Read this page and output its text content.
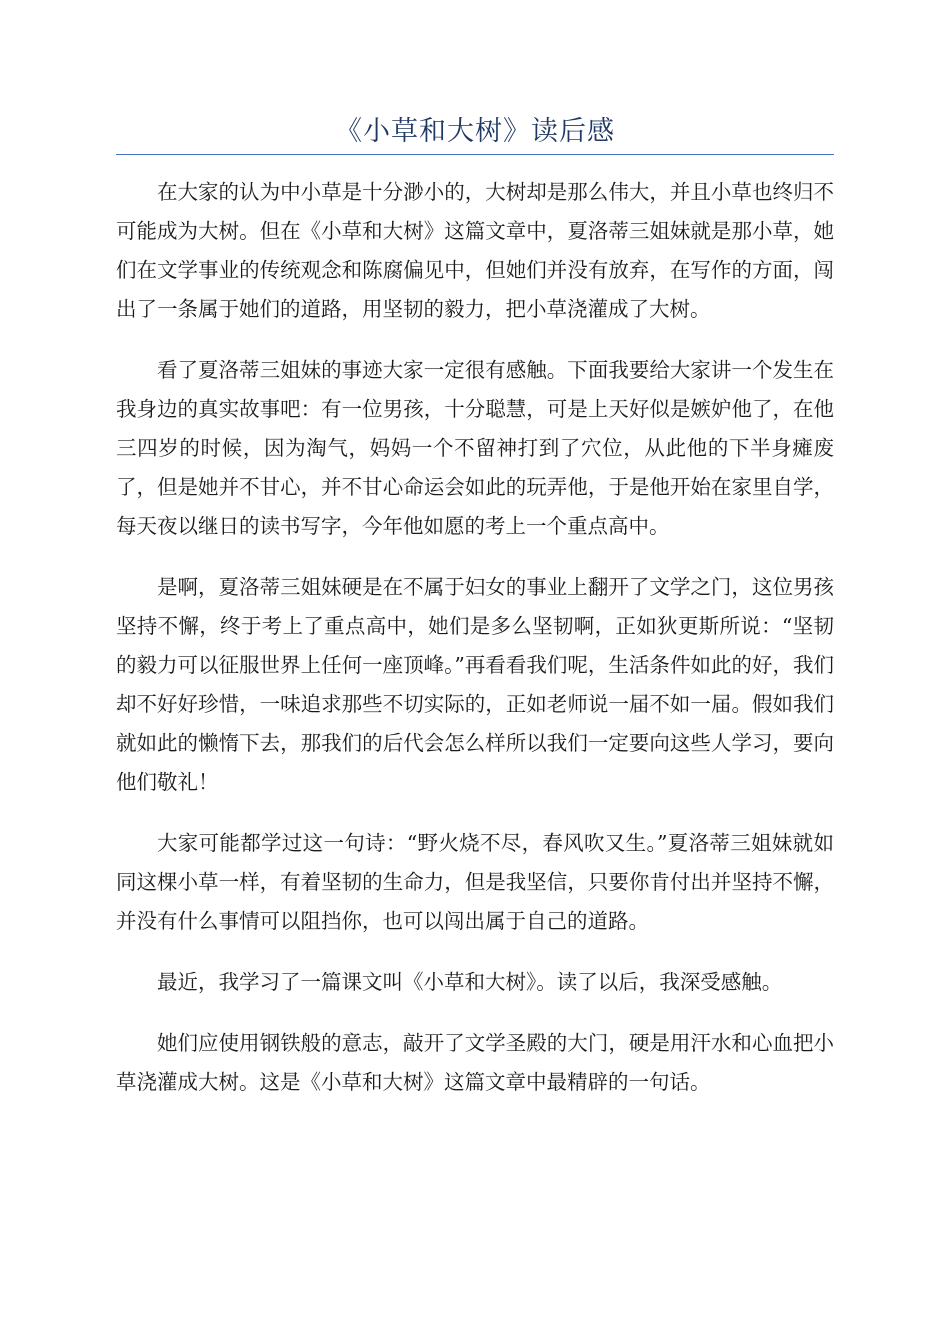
《小草和大树》读后感

在大家的认为中小草是十分渺小的，大树却是那么伟大，并且小草也终归不可能成为大树。但在《小草和大树》这篇文章中，夏洛蒂三姐妹就是那小草，她们在文学事业的传统观念和陈腐偏见中，但她们并没有放弃，在写作的方面，闯出了一条属于她们的道路，用坚韧的毅力，把小草浇灌成了大树。

看了夏洛蒂三姐妹的事迹大家一定很有感触。下面我要给大家讲一个发生在我身边的真实故事吧：有一位男孩，十分聪慧，可是上天好似是嫉妒他了，在他三四岁的时候，因为淘气，妈妈一个不留神打到了穴位，从此他的下半身瘫废了，但是她并不甘心，并不甘心命运会如此的玩弄他，于是他开始在家里自学，每天夜以继日的读书写字，今年他如愿的考上一个重点高中。

是啊，夏洛蒂三姐妹硬是在不属于妇女的事业上翻开了文学之门，这位男孩坚持不懈，终于考上了重点高中，她们是多么坚韧啊，正如狄更斯所说：“坚韧的毅力可以征服世界上任何一座顶峰。”再看看我们呢，生活条件如此的好，我们却不好好珍惜，一味追求那些不切实际的，正如老师说一届不如一届。假如我们就如此的懒惰下去，那我们的后代会怎么样所以我们一定要向这些人学习，要向他们敬礼！

大家可能都学过这一句诗：“野火烧不尽，春风吹又生。”夏洛蒂三姐妹就如同这棵小草一样，有着坚韧的生命力，但是我坚信，只要你肯付出并坚持不懈，并没有什么事情可以阻挡你，也可以闯出属于自己的道路。

最近，我学习了一篇课文叫《小草和大树》。读了以后，我深受感触。

她们应使用钢铁般的意志，敲开了文学圣殿的大门，硬是用汗水和心血把小草浇灌成大树。这是《小草和大树》这篇文章中最精辟的一句话。
